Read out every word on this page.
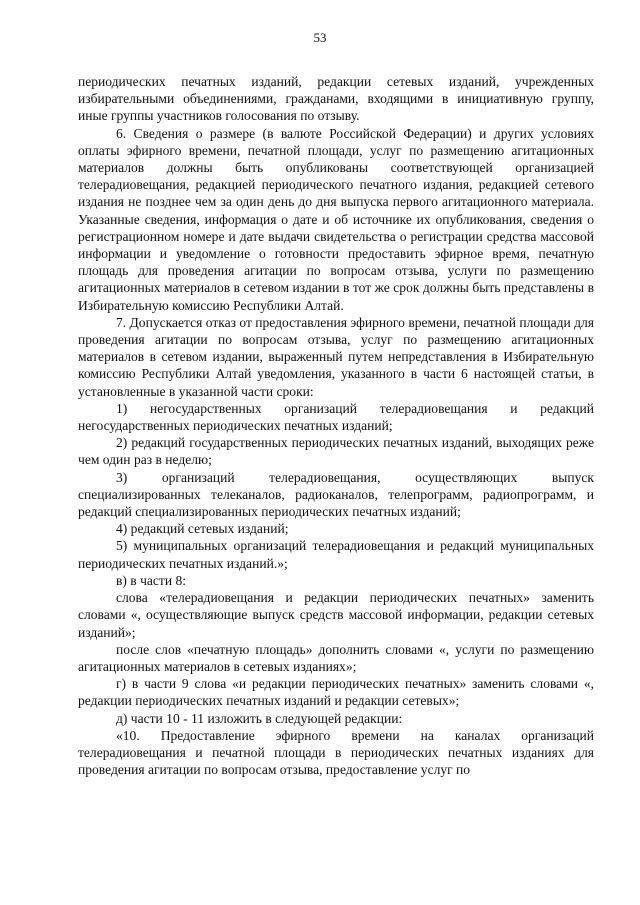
53

периодических печатных изданий, редакции сетевых изданий, учрежденных избирательными объединениями, гражданами, входящими в инициативную группу, иные группы участников голосования по отзыву.

6. Сведения о размере (в валюте Российской Федерации) и других условиях оплаты эфирного времени, печатной площади, услуг по размещению агитационных материалов должны быть опубликованы соответствующей организацией телерадиовещания, редакцией периодического печатного издания, редакцией сетевого издания не позднее чем за один день до дня выпуска первого агитационного материала. Указанные сведения, информация о дате и об источнике их опубликования, сведения о регистрационном номере и дате выдачи свидетельства о регистрации средства массовой информации и уведомление о готовности предоставить эфирное время, печатную площадь для проведения агитации по вопросам отзыва, услуги по размещению агитационных материалов в сетевом издании в тот же срок должны быть представлены в Избирательную комиссию Республики Алтай.

7. Допускается отказ от предоставления эфирного времени, печатной площади для проведения агитации по вопросам отзыва, услуг по размещению агитационных материалов в сетевом издании, выраженный путем непредставления в Избирательную комиссию Республики Алтай уведомления, указанного в части 6 настоящей статьи, в установленные в указанной части сроки:

1) негосударственных организаций телерадиовещания и редакций негосударственных периодических печатных изданий;

2) редакций государственных периодических печатных изданий, выходящих реже чем один раз в неделю;

3) организаций телерадиовещания, осуществляющих выпуск специализированных телеканалов, радиоканалов, телепрограмм, радиопрограмм, и редакций специализированных периодических печатных изданий;

4) редакций сетевых изданий;

5) муниципальных организаций телерадиовещания и редакций муниципальных периодических печатных изданий.»;

в) в части 8:

слова «телерадиовещания и редакции периодических печатных» заменить словами «, осуществляющие выпуск средств массовой информации, редакции сетевых изданий»;

после слов «печатную площадь» дополнить словами «, услуги по размещению агитационных материалов в сетевых изданиях»;

г) в части 9 слова «и редакции периодических печатных» заменить словами «, редакции периодических печатных изданий и редакции сетевых»;

д) части 10 - 11 изложить в следующей редакции:

«10. Предоставление эфирного времени на каналах организаций телерадиовещания и печатной площади в периодических печатных изданиях для проведения агитации по вопросам отзыва, предоставление услуг по
